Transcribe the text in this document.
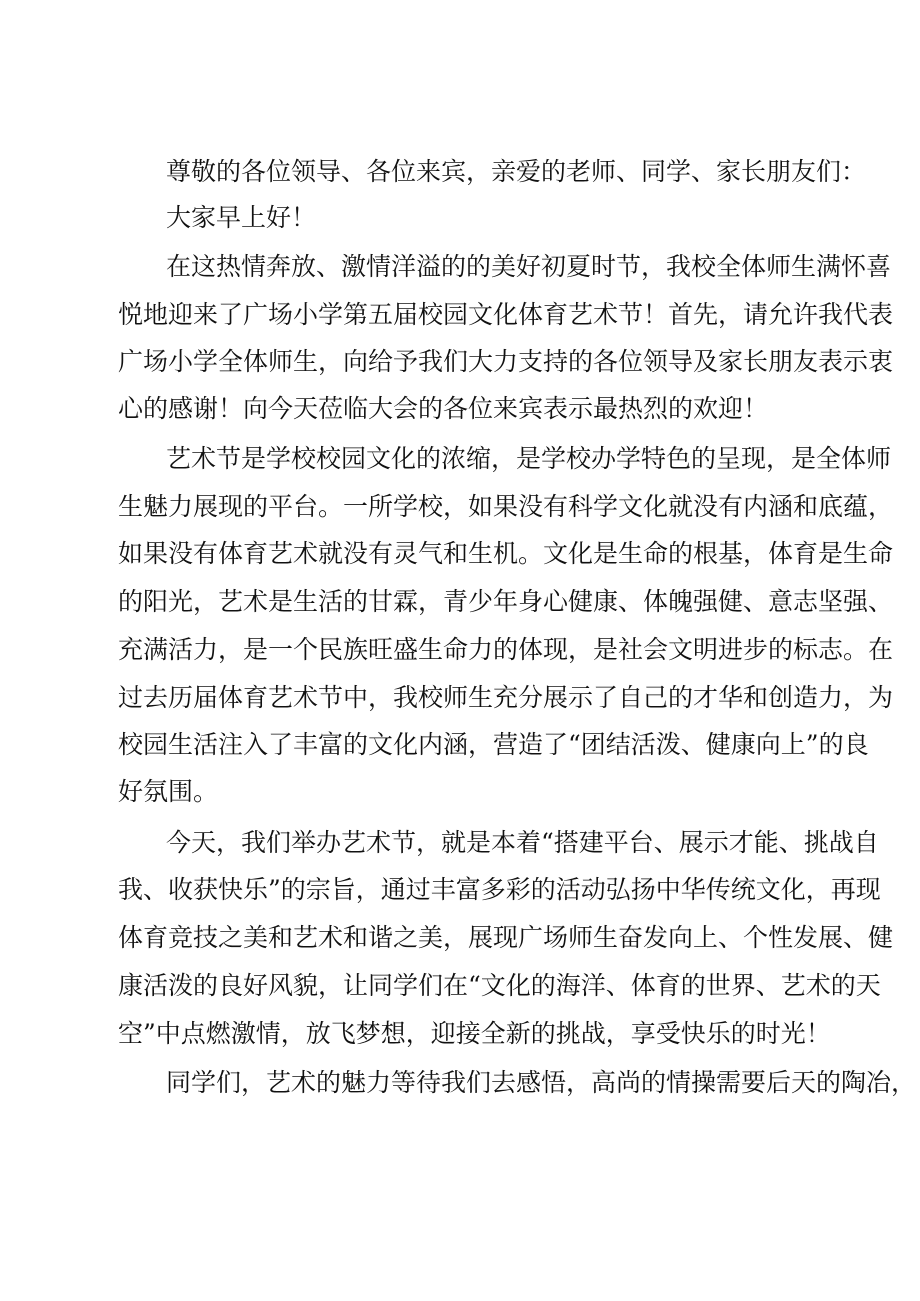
尊敬的各位领导、各位来宾，亲爱的老师、同学、家长朋友们：
大家早上好！
在这热情奔放、激情洋溢的的美好初夏时节，我校全体师生满怀喜
悦地迎来了广场小学第五届校园文化体育艺术节！首先，请允许我代表
广场小学全体师生，向给予我们大力支持的各位领导及家长朋友表示衷
心的感谢！向今天莅临大会的各位来宾表示最热烈的欢迎！
艺术节是学校校园文化的浓缩，是学校办学特色的呈现，是全体师
生魅力展现的平台。一所学校，如果没有科学文化就没有内涵和底蕴，
如果没有体育艺术就没有灵气和生机。文化是生命的根基，体育是生命
的阳光，艺术是生活的甘霖，青少年身心健康、体魄强健、意志坚强、
充满活力，是一个民族旺盛生命力的体现，是社会文明进步的标志。在
过去历届体育艺术节中，我校师生充分展示了自己的才华和创造力，为
校园生活注入了丰富的文化内涵，营造了“团结活泼、健康向上”的良
好氛围。
今天，我们举办艺术节，就是本着“搭建平台、展示才能、挑战自
我、收获快乐”的宗旨，通过丰富多彩的活动弘扬中华传统文化，再现
体育竞技之美和艺术和谐之美，展现广场师生奋发向上、个性发展、健
康活泼的良好风貌，让同学们在“文化的海洋、体育的世界、艺术的天
空”中点燃激情，放飞梦想，迎接全新的挑战，享受快乐的时光！
同学们，艺术的魅力等待我们去感悟，高尚的情操需要后天的陶冶，
